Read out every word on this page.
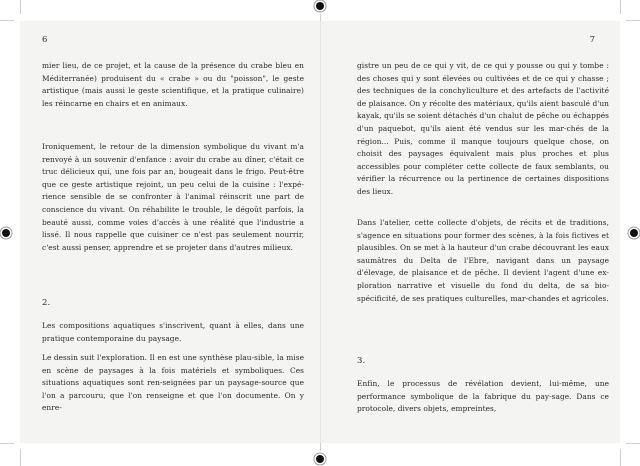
6

mier lieu, de ce projet, et la cause de la présence du crabe bleu en Méditerranée) produisent du « crabe » ou du "poisson", le geste artistique (mais aussi le geste scientifique, et la pratique culinaire) les réincarne en chairs et en animaux.

Ironiquement, le retour de la dimension symbolique du vivant m'a renvoyé à un souvenir d'enfance : avoir du crabe au dîner, c'était ce truc délicieux qui, une fois par an, bougeait dans le frigo. Peut-être que ce geste artistique rejoint, un peu celui de la cuisine : l'expé-rience sensible de se confronter à l'animal réinscrit une part de conscience du vivant. On réhabilite le trouble, le dégoût parfois, la beauté aussi, comme voies d'accès à une réalité que l'industrie a lissé. Il nous rappelle que cuisiner ce n'est pas seulement nourrir, c'est aussi penser, apprendre et se projeter dans d'autres milieux.

2.

Les compositions aquatiques s'inscrivent, quant à elles, dans une pratique contemporaine du paysage.

Le dessin suit l'exploration. Il en est une synthèse plau-sible, la mise en scène de paysages à la fois matériels et symboliques. Ces situations aquatiques sont ren-seignées par un paysage-source que l'on a parcouru, que l'on renseigne et que l'on documente. On y enre-

7

gistre un peu de ce qui y vit, de ce qui y pousse ou qui y tombe : des choses qui y sont élevées ou cultivées et de ce qui y chasse ; des techniques de la conchyliculture et des artefacts de l'activité de plaisance. On y récolte des matériaux, qu'ils aient basculé d'un kayak, qu'ils se soient détachés d'un chalut de pêche ou échappés d'un paquebot, qu'ils aient été vendus sur les mar-chés de la région... Puis, comme il manque toujours quelque chose, on choisit des paysages équivalent mais plus proches et plus accessibles pour compléter cette collecte de faux semblants, ou vérifier la récurrence ou la pertinence de certaines dispositions des lieux.

Dans l'atelier, cette collecte d'objets, de récits et de traditions, s'agence en situations pour former des scènes, à la fois fictives et plausibles. On se met à la hauteur d'un crabe découvrant les eaux saumâtres du Delta de l'Ebre, navigant dans un paysage d'élevage, de plaisance et de pêche. Il devient l'agent d'une ex-ploration narrative et visuelle du fond du delta, de sa bio-spécificité, de ses pratiques culturelles, mar-chandes et agricoles.

3.

Enfin, le processus de révélation devient, lui-même, une performance symbolique de la fabrique du pay-sage. Dans ce protocole, divers objets, empreintes,
